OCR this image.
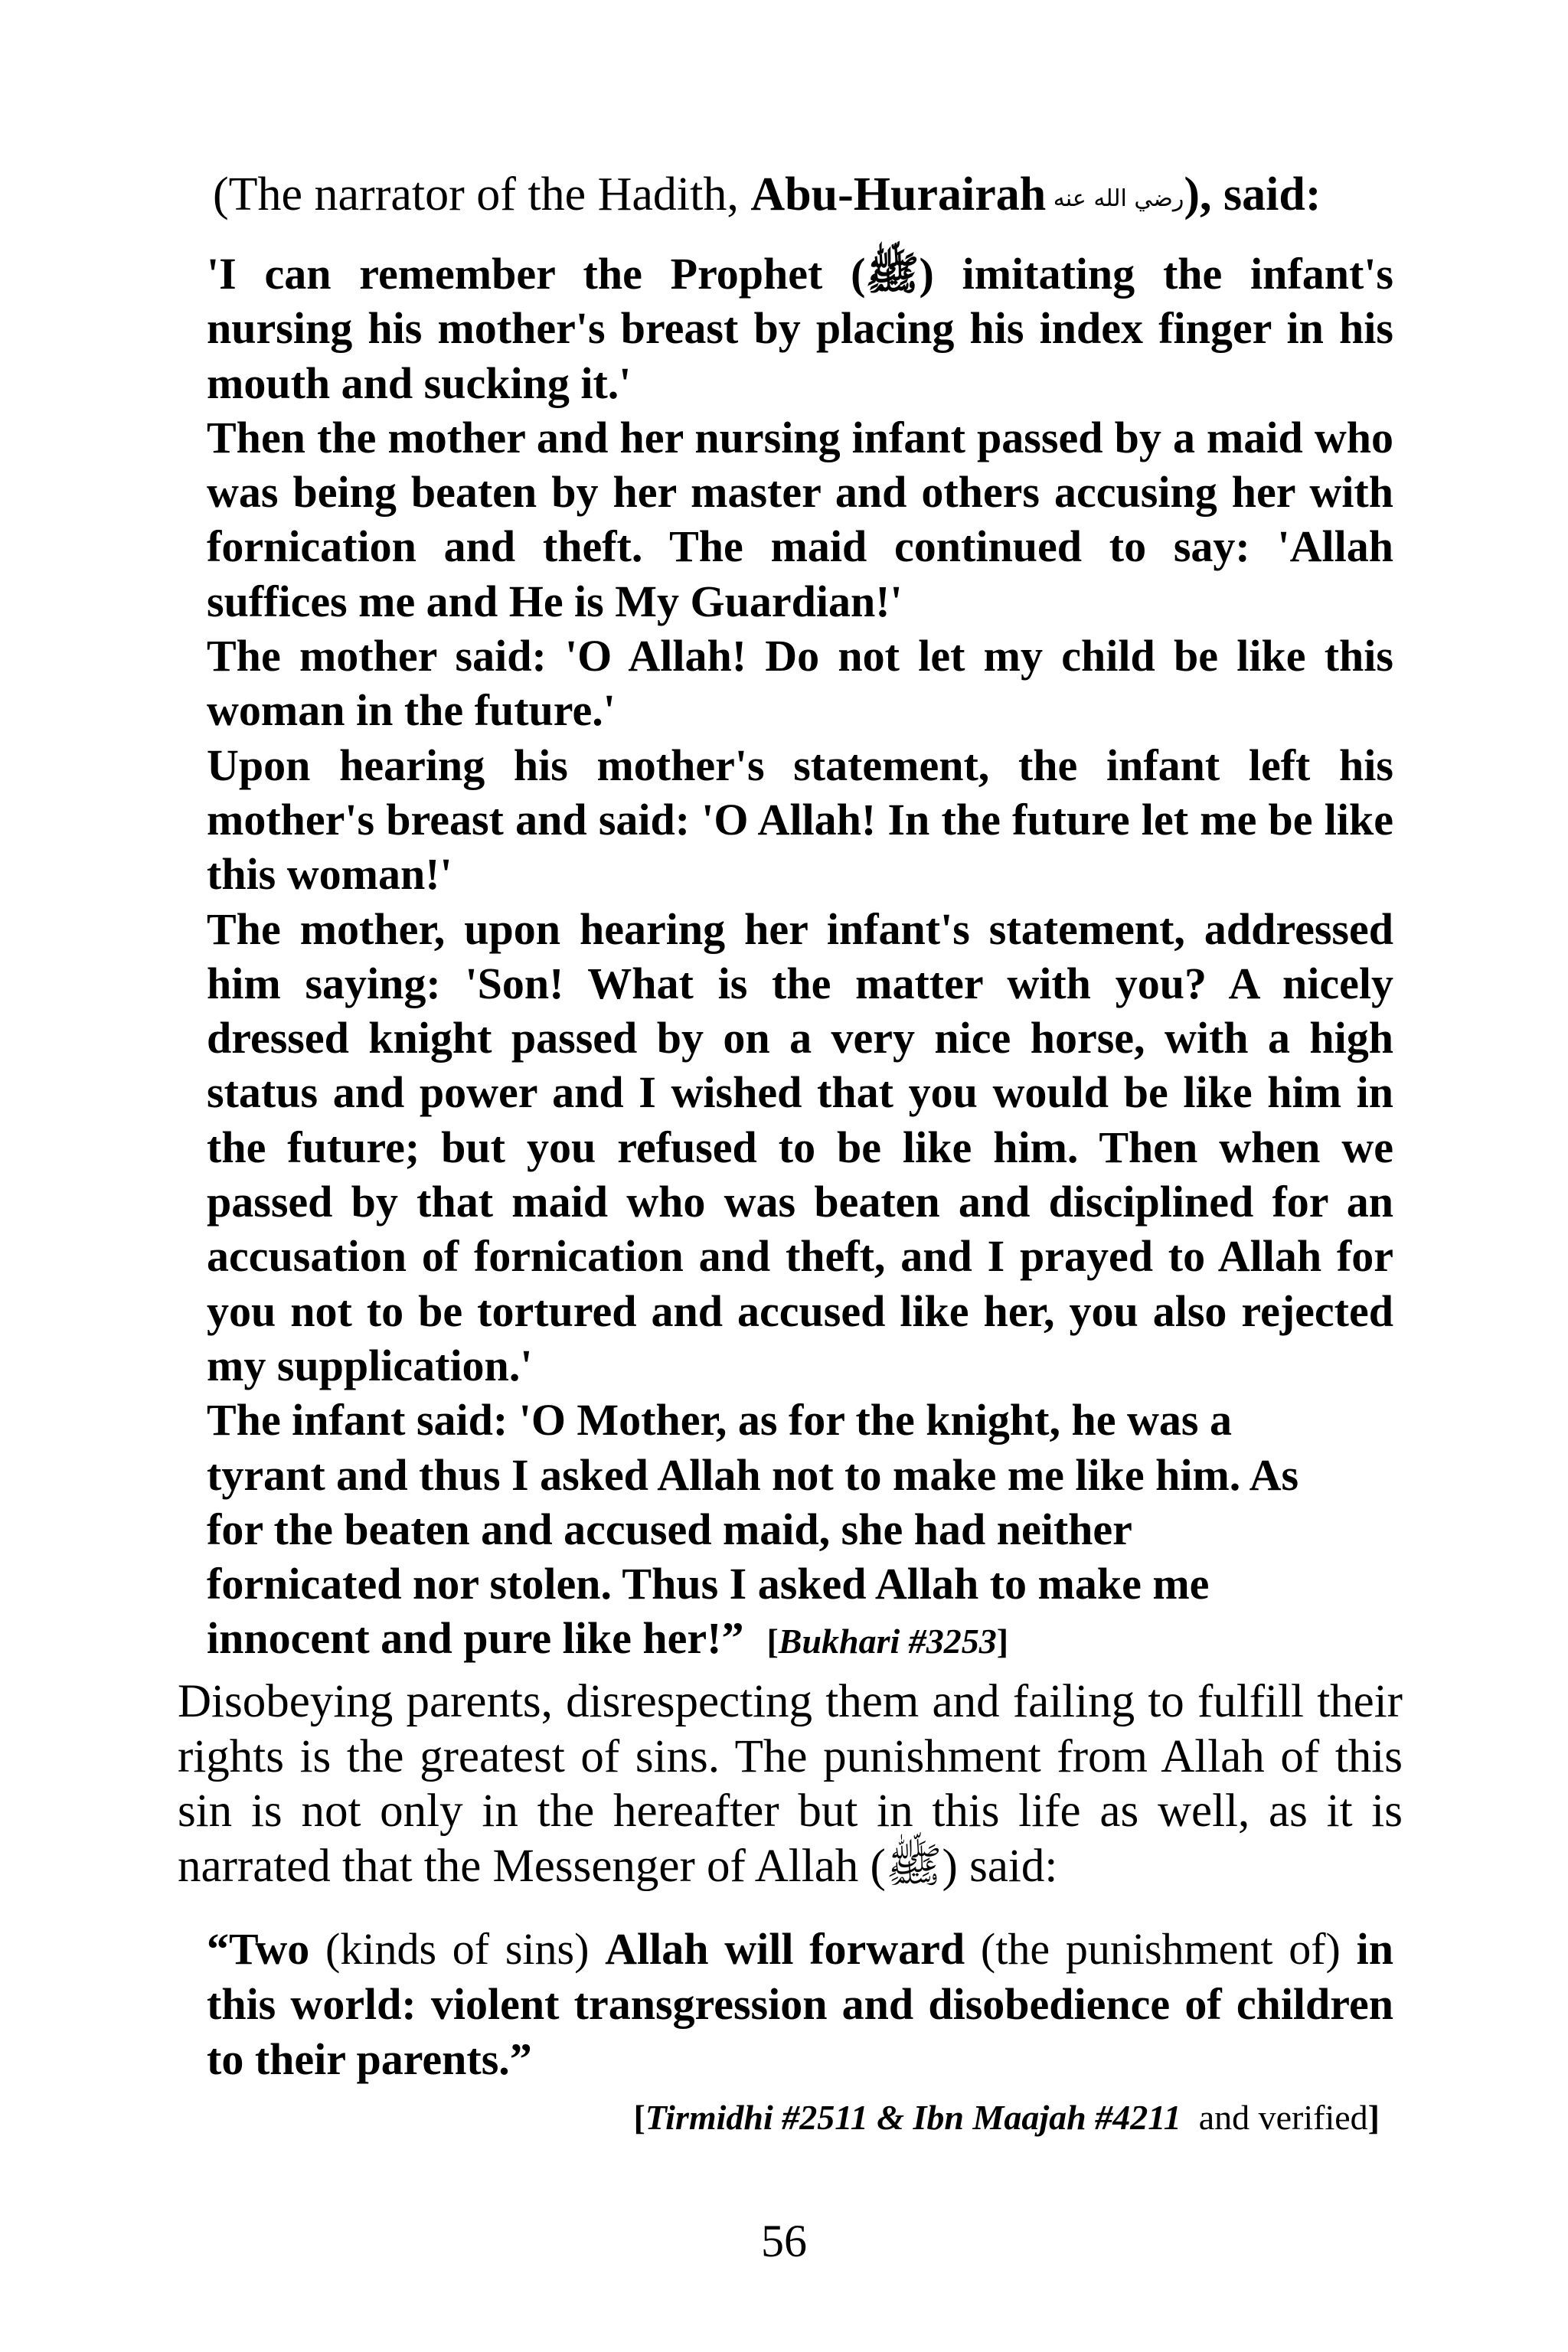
(The narrator of the Hadith, Abu-Hurairah رضي الله عنه), said:

'I can remember the Prophet (ﷺ) imitating the infant's nursing his mother's breast by placing his index finger in his mouth and sucking it.'

Then the mother and her nursing infant passed by a maid who was being beaten by her master and others accusing her with fornication and theft. The maid continued to say: 'Allah suffices me and He is My Guardian!'

The mother said: 'O Allah! Do not let my child be like this woman in the future.'

Upon hearing his mother's statement, the infant left his mother's breast and said: 'O Allah! In the future let me be like this woman!'

The mother, upon hearing her infant's statement, addressed him saying: 'Son! What is the matter with you? A nicely dressed knight passed by on a very nice horse, with a high status and power and I wished that you would be like him in the future; but you refused to be like him. Then when we passed by that maid who was beaten and disciplined for an accusation of fornication and theft, and I prayed to Allah for you not to be tortured and accused like her, you also rejected my supplication.'

The infant said: 'O Mother, as for the knight, he was a

tyrant and thus I asked Allah not to make me like him. As

for the beaten and accused maid, she had neither

fornicated nor stolen. Thus I asked Allah to make me

innocent and pure like her!” [Bukhari #3253]

Disobeying parents, disrespecting them and failing to fulfill their rights is the greatest of sins. The punishment from Allah of this sin is not only in the hereafter but in this life as well, as it is narrated that the Messenger of Allah (ﷺ) said:

“Two (kinds of sins) Allah will forward (the punishment of) in this world: violent transgression and disobedience of children to their parents.”

[Tirmidhi #2511 & Ibn Maajah #4211  and verified]
56
